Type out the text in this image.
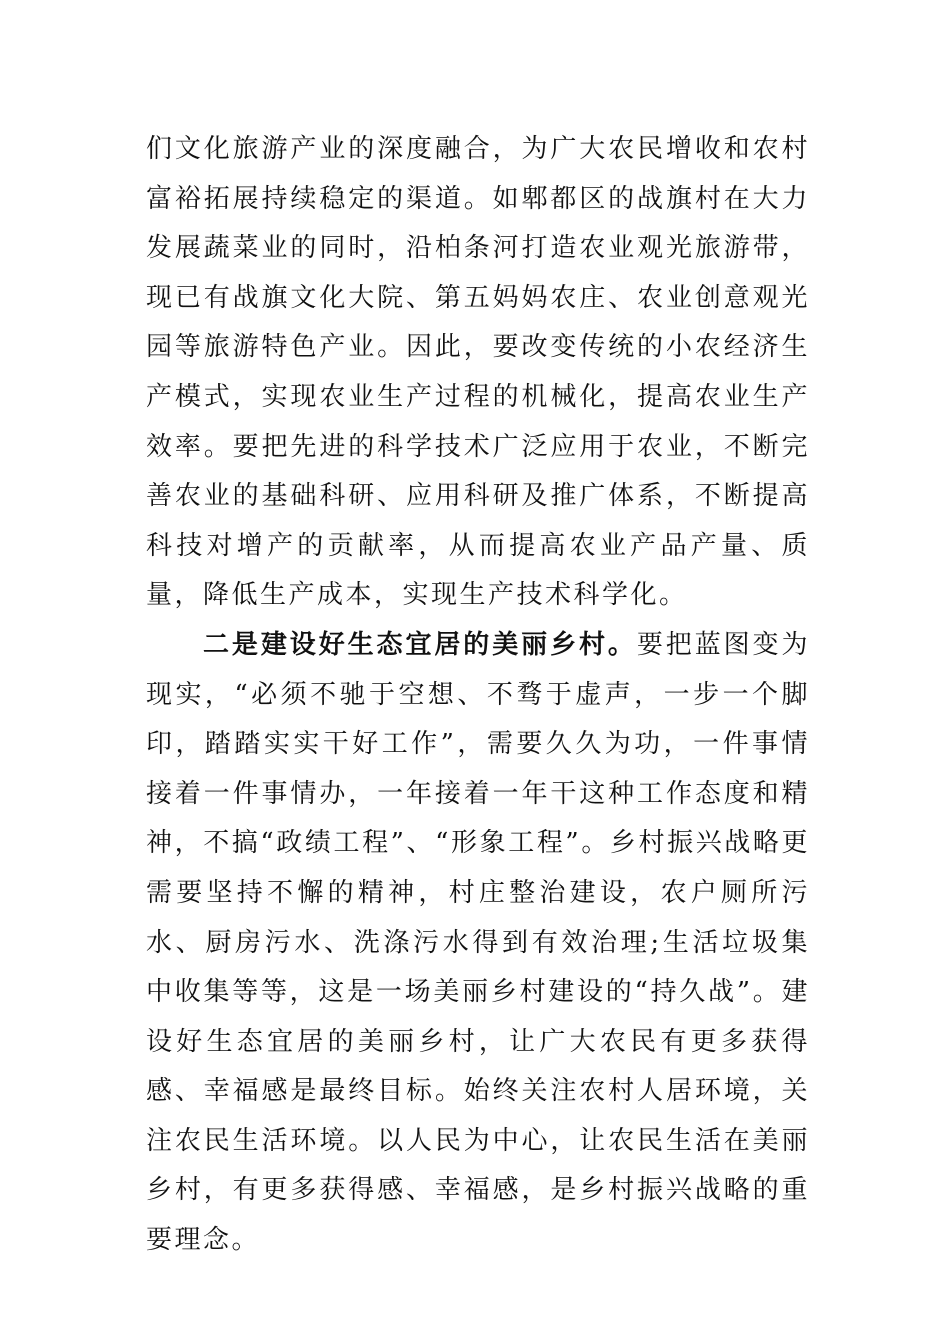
们文化旅游产业的深度融合，为广大农民增收和农村富裕拓展持续稳定的渠道。如郫都区的战旗村在大力发展蔬菜业的同时，沿柏条河打造农业观光旅游带，现已有战旗文化大院、第五妈妈农庄、农业创意观光园等旅游特色产业。因此，要改变传统的小农经济生产模式，实现农业生产过程的机械化，提高农业生产效率。要把先进的科学技术广泛应用于农业，不断完善农业的基础科研、应用科研及推广体系，不断提高科技对增产的贡献率，从而提高农业产品产量、质量，降低生产成本，实现生产技术科学化。

二是建设好生态宜居的美丽乡村。要把蓝图变为现实，“必须不驰于空想、不骛于虚声，一步一个脚印，踏踏实实干好工作”，需要久久为功，一件事情接着一件事情办，一年接着一年干这种工作态度和精神，不搞“政绩工程”、“形象工程”。乡村振兴战略更需要坚持不懈的精神，村庄整治建设，农户厕所污水、厨房污水、洗涤污水得到有效治理;生活垃圾集中收集等等，这是一场美丽乡村建设的“持久战”。建设好生态宜居的美丽乡村，让广大农民有更多获得感、幸福感是最终目标。始终关注农村人居环境，关注农民生活环境。以人民为中心，让农民生活在美丽乡村，有更多获得感、幸福感，是乡村振兴战略的重要理念。
